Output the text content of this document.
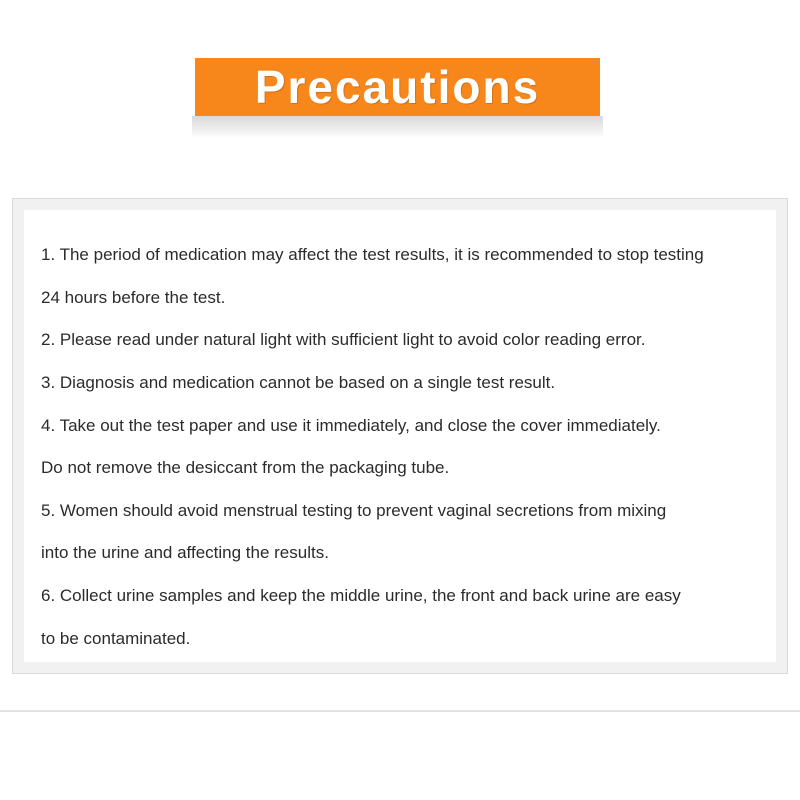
Precautions
1. The period of medication may affect the test results, it is recommended to stop testing
24 hours before the test.
2. Please read under natural light with sufficient light to avoid color reading error.
3. Diagnosis and medication cannot be based on a single test result.
4. Take out the test paper and use it immediately, and close the cover immediately.
Do not remove the desiccant from the packaging tube.
5. Women should avoid menstrual testing to prevent vaginal secretions from mixing
into the urine and affecting the results.
6. Collect urine samples and keep the middle urine, the front and back urine are easy
to be contaminated.
